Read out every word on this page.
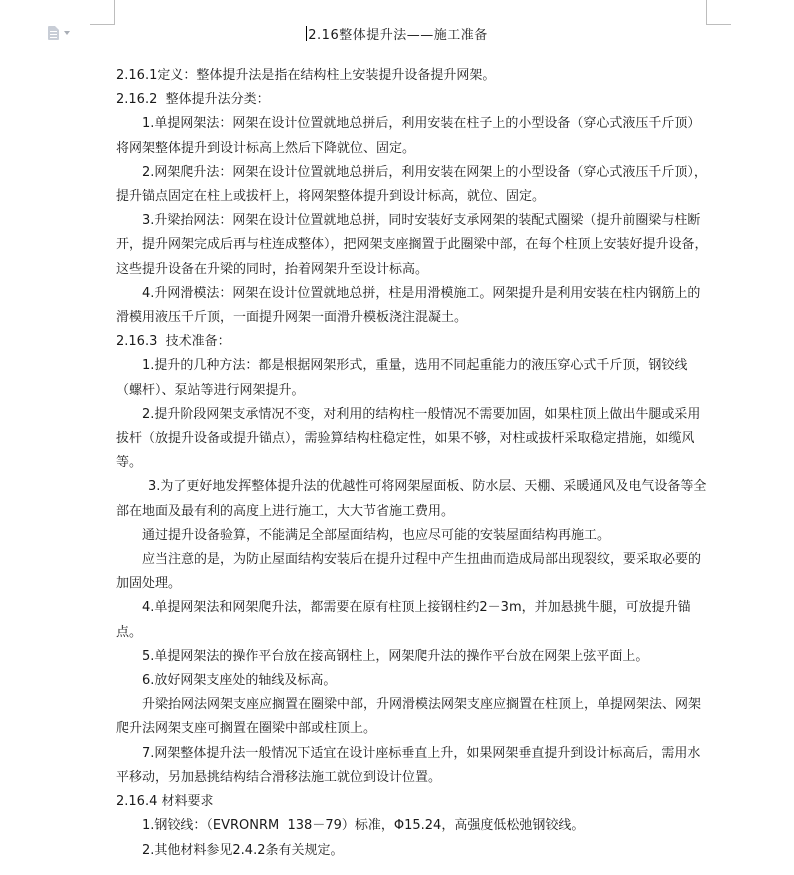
2.16整体提升法——施工准备

2.16.1定义：整体提升法是指在结构柱上安装提升设备提升网架。

2.16.2  整体提升法分类：

1.单提网架法：网架在设计位置就地总拼后，利用安装在柱子上的小型设备（穿心式液压千斤顶）将网架整体提升到设计标高上然后下降就位、固定。

2.网架爬升法：网架在设计位置就地总拼后，利用安装在网架上的小型设备（穿心式液压千斤顶），提升锚点固定在柱上或拔杆上，将网架整体提升到设计标高，就位、固定。

3.升梁抬网法：网架在设计位置就地总拼，同时安装好支承网架的装配式圈梁（提升前圈梁与柱断开，提升网架完成后再与柱连成整体），把网架支座搁置于此圈梁中部，在每个柱顶上安装好提升设备，这些提升设备在升梁的同时，抬着网架升至设计标高。

4.升网滑模法：网架在设计位置就地总拼，柱是用滑模施工。网架提升是利用安装在柱内钢筋上的滑模用液压千斤顶，一面提升网架一面滑升模板浇注混凝土。

2.16.3  技术准备：

1.提升的几种方法：都是根据网架形式，重量，选用不同起重能力的液压穿心式千斤顶，钢铰线（螺杆）、泵站等进行网架提升。

2.提升阶段网架支承情况不变，对利用的结构柱一般情况不需要加固，如果柱顶上做出牛腿或采用拔杆（放提升设备或提升锚点），需验算结构柱稳定性，如果不够，对柱或拔杆采取稳定措施，如缆风等。

3.为了更好地发挥整体提升法的优越性可将网架屋面板、防水层、天棚、采暖通风及电气设备等全部在地面及最有利的高度上进行施工，大大节省施工费用。

通过提升设备验算，不能满足全部屋面结构，也应尽可能的安装屋面结构再施工。

应当注意的是，为防止屋面结构安装后在提升过程中产生扭曲而造成局部出现裂纹，要采取必要的加固处理。

4.单提网架法和网架爬升法，都需要在原有柱顶上接钢柱约2－3m，并加悬挑牛腿，可放提升锚点。

5.单提网架法的操作平台放在接高钢柱上，网架爬升法的操作平台放在网架上弦平面上。

6.放好网架支座处的轴线及标高。

升梁抬网法网架支座应搁置在圈梁中部，升网滑模法网架支座应搁置在柱顶上，单提网架法、网架爬升法网架支座可搁置在圈梁中部或柱顶上。

7.网架整体提升法一般情况下适宜在设计座标垂直上升，如果网架垂直提升到设计标高后，需用水平移动，另加悬挑结构结合滑移法施工就位到设计位置。

2.16.4 材料要求

1.钢铰线：（EVRONRM  138－79）标准，Φ15.24，高强度低松弛钢铰线。

2.其他材料参见2.4.2条有关规定。
